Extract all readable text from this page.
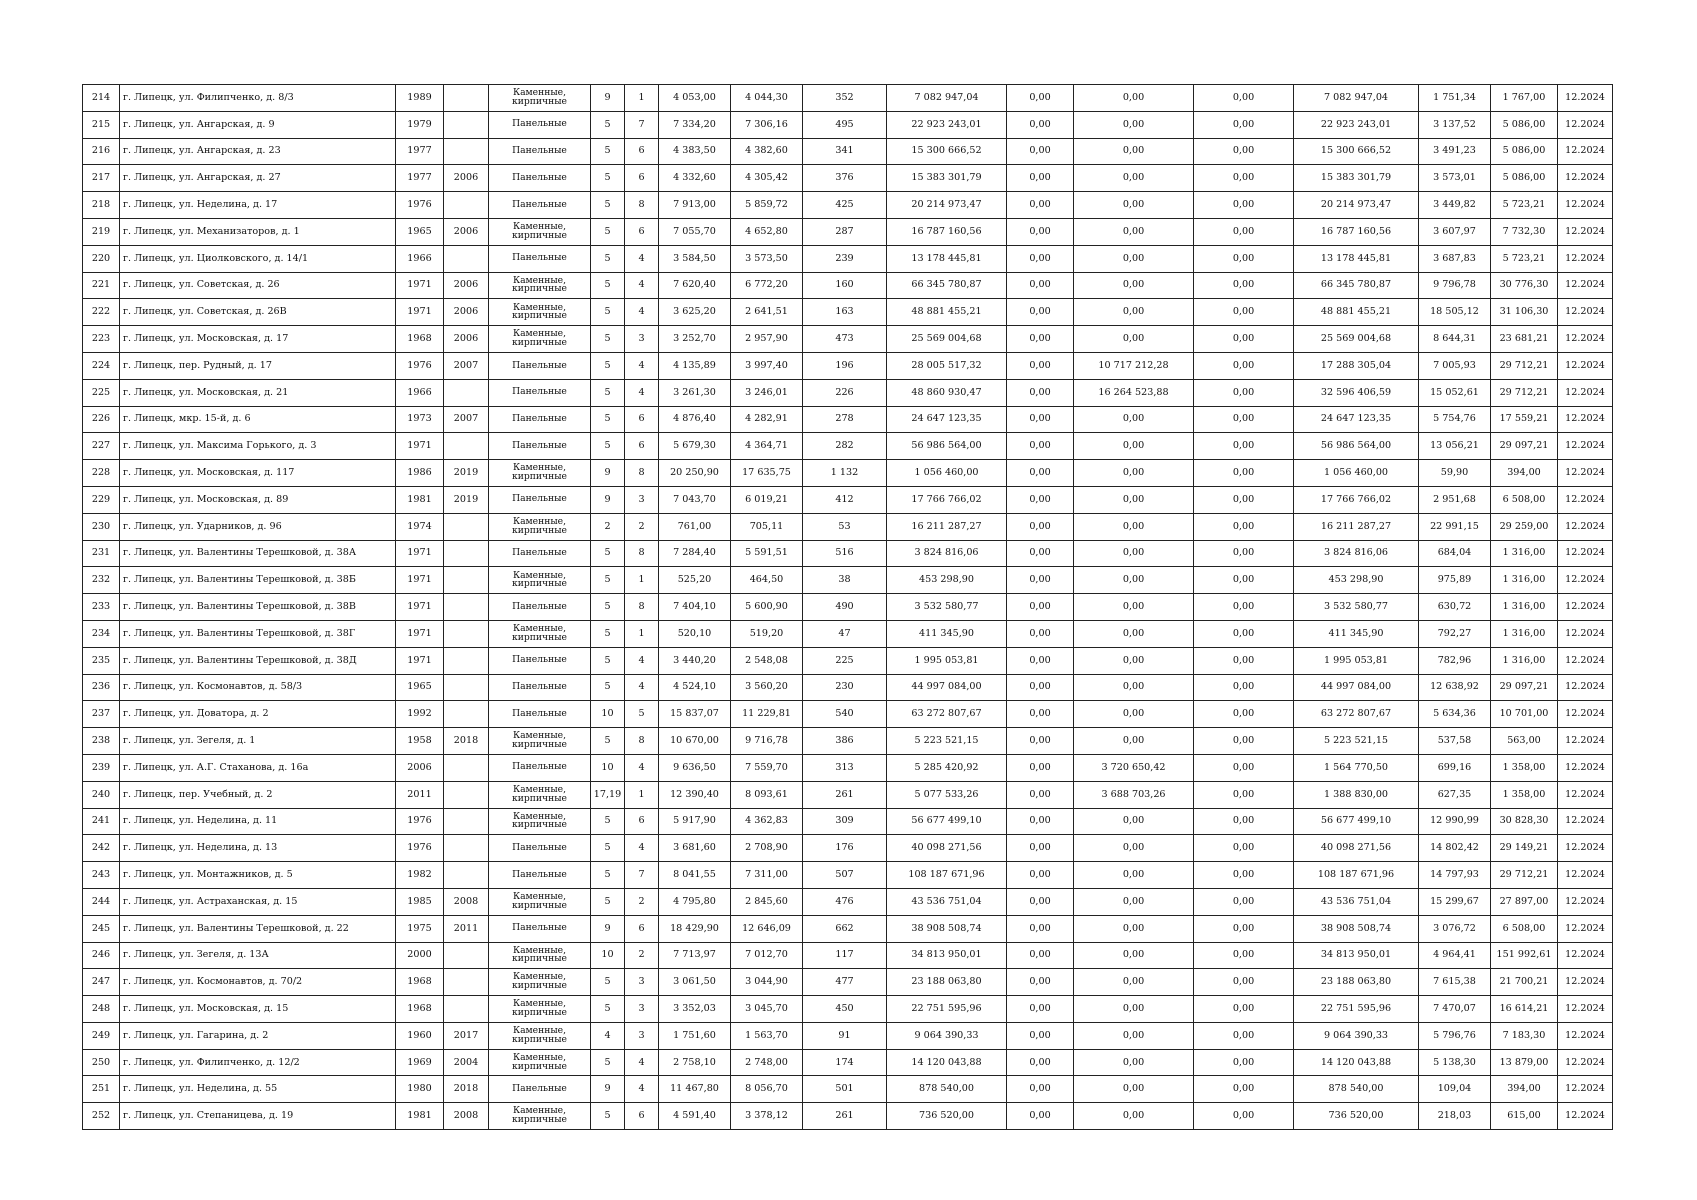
214	г. Липецк, ул. Филипченко, д. 8/3	1989		Каменные, кирпичные	9	1	4 053,00	4 044,30	352	7 082 947,04	0,00	0,00	0,00	7 082 947,04	1 751,34	1 767,00	12.2024
215	г. Липецк, ул. Ангарская, д. 9	1979		Панельные	5	7	7 334,20	7 306,16	495	22 923 243,01	0,00	0,00	0,00	22 923 243,01	3 137,52	5 086,00	12.2024
216	г. Липецк, ул. Ангарская, д. 23	1977		Панельные	5	6	4 383,50	4 382,60	341	15 300 666,52	0,00	0,00	0,00	15 300 666,52	3 491,23	5 086,00	12.2024
217	г. Липецк, ул. Ангарская, д. 27	1977	2006	Панельные	5	6	4 332,60	4 305,42	376	15 383 301,79	0,00	0,00	0,00	15 383 301,79	3 573,01	5 086,00	12.2024
218	г. Липецк, ул. Неделина, д. 17	1976		Панельные	5	8	7 913,00	5 859,72	425	20 214 973,47	0,00	0,00	0,00	20 214 973,47	3 449,82	5 723,21	12.2024
219	г. Липецк, ул. Механизаторов, д. 1	1965	2006	Каменные, кирпичные	5	6	7 055,70	4 652,80	287	16 787 160,56	0,00	0,00	0,00	16 787 160,56	3 607,97	7 732,30	12.2024
220	г. Липецк, ул. Циолковского, д. 14/1	1966		Панельные	5	4	3 584,50	3 573,50	239	13 178 445,81	0,00	0,00	0,00	13 178 445,81	3 687,83	5 723,21	12.2024
221	г. Липецк, ул. Советская, д. 26	1971	2006	Каменные, кирпичные	5	4	7 620,40	6 772,20	160	66 345 780,87	0,00	0,00	0,00	66 345 780,87	9 796,78	30 776,30	12.2024
222	г. Липецк, ул. Советская, д. 26В	1971	2006	Каменные, кирпичные	5	4	3 625,20	2 641,51	163	48 881 455,21	0,00	0,00	0,00	48 881 455,21	18 505,12	31 106,30	12.2024
223	г. Липецк, ул. Московская, д. 17	1968	2006	Каменные, кирпичные	5	3	3 252,70	2 957,90	473	25 569 004,68	0,00	0,00	0,00	25 569 004,68	8 644,31	23 681,21	12.2024
224	г. Липецк, пер. Рудный, д. 17	1976	2007	Панельные	5	4	4 135,89	3 997,40	196	28 005 517,32	0,00	10 717 212,28	0,00	17 288 305,04	7 005,93	29 712,21	12.2024
225	г. Липецк, ул. Московская, д. 21	1966		Панельные	5	4	3 261,30	3 246,01	226	48 860 930,47	0,00	16 264 523,88	0,00	32 596 406,59	15 052,61	29 712,21	12.2024
226	г. Липецк, мкр. 15-й, д. 6	1973	2007	Панельные	5	6	4 876,40	4 282,91	278	24 647 123,35	0,00	0,00	0,00	24 647 123,35	5 754,76	17 559,21	12.2024
227	г. Липецк, ул. Максима Горького, д. 3	1971		Панельные	5	6	5 679,30	4 364,71	282	56 986 564,00	0,00	0,00	0,00	56 986 564,00	13 056,21	29 097,21	12.2024
228	г. Липецк, ул. Московская, д. 117	1986	2019	Каменные, кирпичные	9	8	20 250,90	17 635,75	1 132	1 056 460,00	0,00	0,00	0,00	1 056 460,00	59,90	394,00	12.2024
229	г. Липецк, ул. Московская, д. 89	1981	2019	Панельные	9	3	7 043,70	6 019,21	412	17 766 766,02	0,00	0,00	0,00	17 766 766,02	2 951,68	6 508,00	12.2024
230	г. Липецк, ул. Ударников, д. 96	1974		Каменные, кирпичные	2	2	761,00	705,11	53	16 211 287,27	0,00	0,00	0,00	16 211 287,27	22 991,15	29 259,00	12.2024
231	г. Липецк, ул. Валентины Терешковой, д. 38А	1971		Панельные	5	8	7 284,40	5 591,51	516	3 824 816,06	0,00	0,00	0,00	3 824 816,06	684,04	1 316,00	12.2024
232	г. Липецк, ул. Валентины Терешковой, д. 38Б	1971		Каменные, кирпичные	5	1	525,20	464,50	38	453 298,90	0,00	0,00	0,00	453 298,90	975,89	1 316,00	12.2024
233	г. Липецк, ул. Валентины Терешковой, д. 38В	1971		Панельные	5	8	7 404,10	5 600,90	490	3 532 580,77	0,00	0,00	0,00	3 532 580,77	630,72	1 316,00	12.2024
234	г. Липецк, ул. Валентины Терешковой, д. 38Г	1971		Каменные, кирпичные	5	1	520,10	519,20	47	411 345,90	0,00	0,00	0,00	411 345,90	792,27	1 316,00	12.2024
235	г. Липецк, ул. Валентины Терешковой, д. 38Д	1971		Панельные	5	4	3 440,20	2 548,08	225	1 995 053,81	0,00	0,00	0,00	1 995 053,81	782,96	1 316,00	12.2024
236	г. Липецк, ул. Космонавтов, д. 58/3	1965		Панельные	5	4	4 524,10	3 560,20	230	44 997 084,00	0,00	0,00	0,00	44 997 084,00	12 638,92	29 097,21	12.2024
237	г. Липецк, ул. Доватора, д. 2	1992		Панельные	10	5	15 837,07	11 229,81	540	63 272 807,67	0,00	0,00	0,00	63 272 807,67	5 634,36	10 701,00	12.2024
238	г. Липецк, ул. Зегеля, д. 1	1958	2018	Каменные, кирпичные	5	8	10 670,00	9 716,78	386	5 223 521,15	0,00	0,00	0,00	5 223 521,15	537,58	563,00	12.2024
239	г. Липецк, ул. А.Г. Стаханова, д. 16а	2006		Панельные	10	4	9 636,50	7 559,70	313	5 285 420,92	0,00	3 720 650,42	0,00	1 564 770,50	699,16	1 358,00	12.2024
240	г. Липецк, пер. Учебный, д. 2	2011		Каменные, кирпичные	17,19	1	12 390,40	8 093,61	261	5 077 533,26	0,00	3 688 703,26	0,00	1 388 830,00	627,35	1 358,00	12.2024
241	г. Липецк, ул. Неделина, д. 11	1976		Каменные, кирпичные	5	6	5 917,90	4 362,83	309	56 677 499,10	0,00	0,00	0,00	56 677 499,10	12 990,99	30 828,30	12.2024
242	г. Липецк, ул. Неделина, д. 13	1976		Панельные	5	4	3 681,60	2 708,90	176	40 098 271,56	0,00	0,00	0,00	40 098 271,56	14 802,42	29 149,21	12.2024
243	г. Липецк, ул. Монтажников, д. 5	1982		Панельные	5	7	8 041,55	7 311,00	507	108 187 671,96	0,00	0,00	0,00	108 187 671,96	14 797,93	29 712,21	12.2024
244	г. Липецк, ул. Астраханская, д. 15	1985	2008	Каменные, кирпичные	5	2	4 795,80	2 845,60	476	43 536 751,04	0,00	0,00	0,00	43 536 751,04	15 299,67	27 897,00	12.2024
245	г. Липецк, ул. Валентины Терешковой, д. 22	1975	2011	Панельные	9	6	18 429,90	12 646,09	662	38 908 508,74	0,00	0,00	0,00	38 908 508,74	3 076,72	6 508,00	12.2024
246	г. Липецк, ул. Зегеля, д. 13А	2000		Каменные, кирпичные	10	2	7 713,97	7 012,70	117	34 813 950,01	0,00	0,00	0,00	34 813 950,01	4 964,41	151 992,61	12.2024
247	г. Липецк, ул. Космонавтов, д. 70/2	1968		Каменные, кирпичные	5	3	3 061,50	3 044,90	477	23 188 063,80	0,00	0,00	0,00	23 188 063,80	7 615,38	21 700,21	12.2024
248	г. Липецк, ул. Московская, д. 15	1968		Каменные, кирпичные	5	3	3 352,03	3 045,70	450	22 751 595,96	0,00	0,00	0,00	22 751 595,96	7 470,07	16 614,21	12.2024
249	г. Липецк, ул. Гагарина, д. 2	1960	2017	Каменные, кирпичные	4	3	1 751,60	1 563,70	91	9 064 390,33	0,00	0,00	0,00	9 064 390,33	5 796,76	7 183,30	12.2024
250	г. Липецк, ул. Филипченко, д. 12/2	1969	2004	Каменные, кирпичные	5	4	2 758,10	2 748,00	174	14 120 043,88	0,00	0,00	0,00	14 120 043,88	5 138,30	13 879,00	12.2024
251	г. Липецк, ул. Неделина, д. 55	1980	2018	Панельные	9	4	11 467,80	8 056,70	501	878 540,00	0,00	0,00	0,00	878 540,00	109,04	394,00	12.2024
252	г. Липецк, ул. Степаницева, д. 19	1981	2008	Каменные, кирпичные	5	6	4 591,40	3 378,12	261	736 520,00	0,00	0,00	0,00	736 520,00	218,03	615,00	12.2024
